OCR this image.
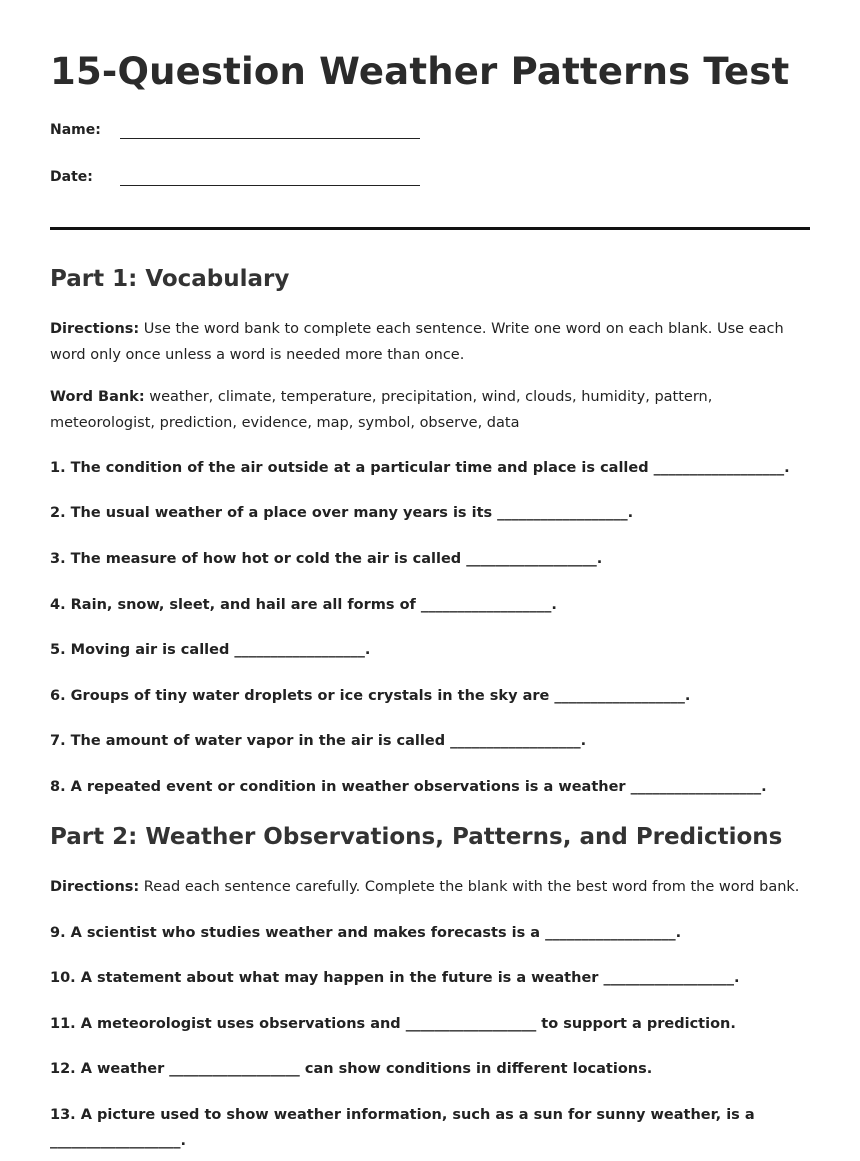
15-Question Weather Patterns Test
Name:
Date:
Part 1: Vocabulary

Directions: Use the word bank to complete each sentence. Write one word on each blank. Use each word only once unless a word is needed more than once.

Word Bank: weather, climate, temperature, precipitation, wind, clouds, humidity, pattern, meteorologist, prediction, evidence, map, symbol, observe, data

1. The condition of the air outside at a particular time and place is called __________________.

2. The usual weather of a place over many years is its __________________.

3. The measure of how hot or cold the air is called __________________.

4. Rain, snow, sleet, and hail are all forms of __________________.

5. Moving air is called __________________.

6. Groups of tiny water droplets or ice crystals in the sky are __________________.

7. The amount of water vapor in the air is called __________________.

8. A repeated event or condition in weather observations is a weather __________________.

Part 2: Weather Observations, Patterns, and Predictions

Directions: Read each sentence carefully. Complete the blank with the best word from the word bank.

9. A scientist who studies weather and makes forecasts is a __________________.

10. A statement about what may happen in the future is a weather __________________.

11. A meteorologist uses observations and __________________ to support a prediction.

12. A weather __________________ can show conditions in different locations.

13. A picture used to show weather information, such as a sun for sunny weather, is a

__________________.
